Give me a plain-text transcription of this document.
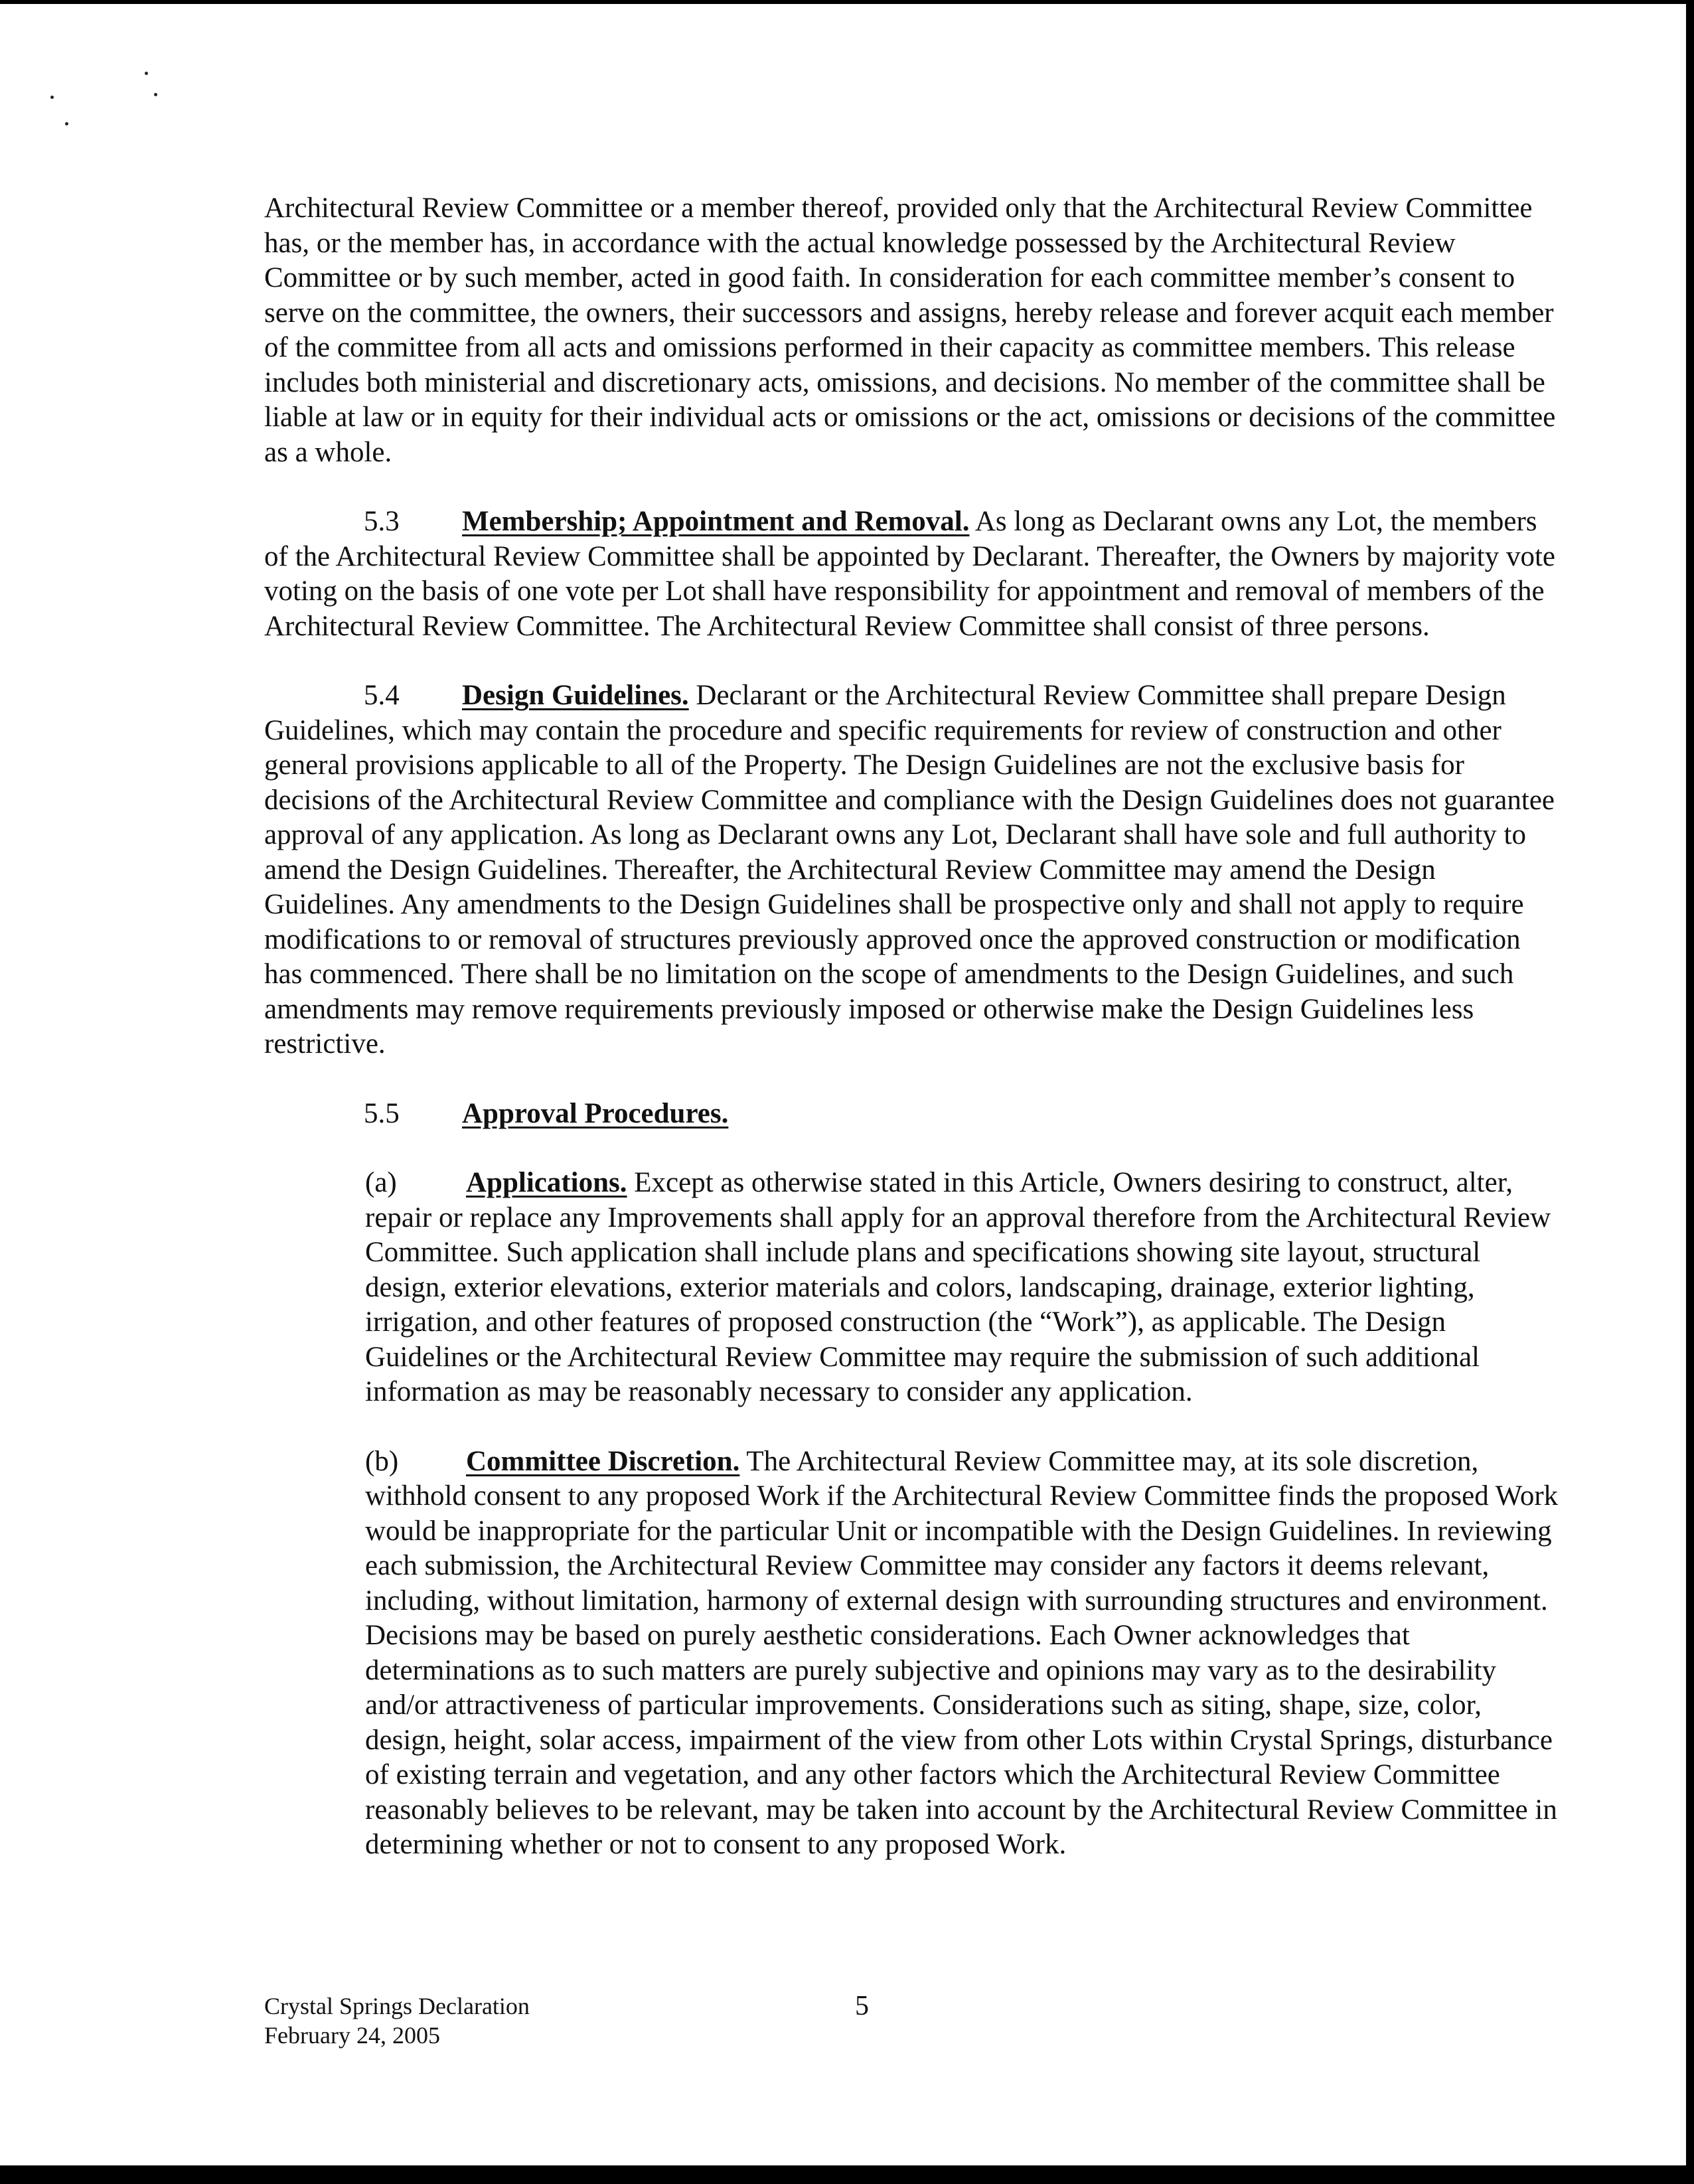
Architectural Review Committee or a member thereof, provided only that the Architectural Review Committee has, or the member has, in accordance with the actual knowledge possessed by the Architectural Review Committee or by such member, acted in good faith. In consideration for each committee member’s consent to serve on the committee, the owners, their successors and assigns, hereby release and forever acquit each member of the committee from all acts and omissions performed in their capacity as committee members. This release includes both ministerial and discretionary acts, omissions, and decisions. No member of the committee shall be liable at law or in equity for their individual acts or omissions or the act, omissions or decisions of the committee as a whole.

5.3 Membership; Appointment and Removal. As long as Declarant owns any Lot, the members of the Architectural Review Committee shall be appointed by Declarant. Thereafter, the Owners by majority vote voting on the basis of one vote per Lot shall have responsibility for appointment and removal of members of the Architectural Review Committee. The Architectural Review Committee shall consist of three persons.

5.4 Design Guidelines. Declarant or the Architectural Review Committee shall prepare Design Guidelines, which may contain the procedure and specific requirements for review of construction and other general provisions applicable to all of the Property. The Design Guidelines are not the exclusive basis for decisions of the Architectural Review Committee and compliance with the Design Guidelines does not guarantee approval of any application. As long as Declarant owns any Lot, Declarant shall have sole and full authority to amend the Design Guidelines. Thereafter, the Architectural Review Committee may amend the Design Guidelines. Any amendments to the Design Guidelines shall be prospective only and shall not apply to require modifications to or removal of structures previously approved once the approved construction or modification has commenced. There shall be no limitation on the scope of amendments to the Design Guidelines, and such amendments may remove requirements previously imposed or otherwise make the Design Guidelines less restrictive.

5.5 Approval Procedures.

(a) Applications. Except as otherwise stated in this Article, Owners desiring to construct, alter, repair or replace any Improvements shall apply for an approval therefore from the Architectural Review Committee. Such application shall include plans and specifications showing site layout, structural design, exterior elevations, exterior materials and colors, landscaping, drainage, exterior lighting, irrigation, and other features of proposed construction (the “Work”), as applicable. The Design Guidelines or the Architectural Review Committee may require the submission of such additional information as may be reasonably necessary to consider any application.

(b) Committee Discretion. The Architectural Review Committee may, at its sole discretion, withhold consent to any proposed Work if the Architectural Review Committee finds the proposed Work would be inappropriate for the particular Unit or incompatible with the Design Guidelines. In reviewing each submission, the Architectural Review Committee may consider any factors it deems relevant, including, without limitation, harmony of external design with surrounding structures and environment. Decisions may be based on purely aesthetic considerations. Each Owner acknowledges that determinations as to such matters are purely subjective and opinions may vary as to the desirability and/or attractiveness of particular improvements. Considerations such as siting, shape, size, color, design, height, solar access, impairment of the view from other Lots within Crystal Springs, disturbance of existing terrain and vegetation, and any other factors which the Architectural Review Committee reasonably believes to be relevant, may be taken into account by the Architectural Review Committee in determining whether or not to consent to any proposed Work.

Crystal Springs Declaration
February 24, 2005
5
